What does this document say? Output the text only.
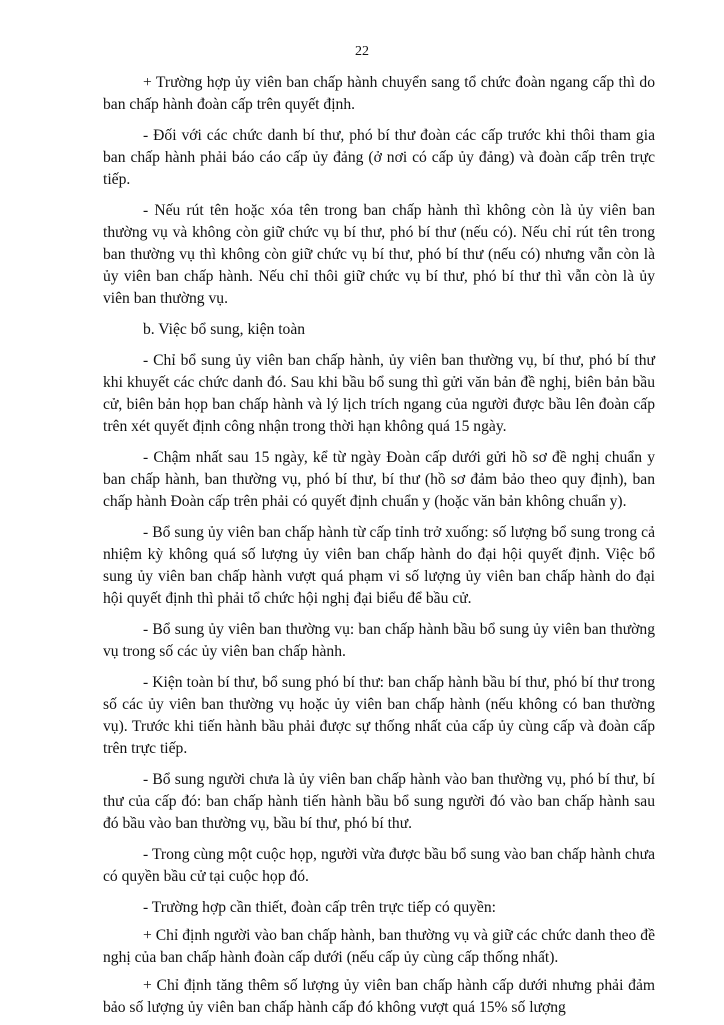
22

+ Trường hợp ủy viên ban chấp hành chuyển sang tổ chức đoàn ngang cấp thì do ban chấp hành đoàn cấp trên quyết định.

- Đối với các chức danh bí thư, phó bí thư đoàn các cấp trước khi thôi tham gia ban chấp hành phải báo cáo cấp ủy đảng (ở nơi có cấp ủy đảng) và đoàn cấp trên trực tiếp.

- Nếu rút tên hoặc xóa tên trong ban chấp hành thì không còn là ủy viên ban thường vụ và không còn giữ chức vụ bí thư, phó bí thư (nếu có). Nếu chỉ rút tên trong ban thường vụ thì không còn giữ chức vụ bí thư, phó bí thư (nếu có) nhưng vẫn còn là ủy viên ban chấp hành. Nếu chỉ thôi giữ chức vụ bí thư, phó bí thư thì vẫn còn là ủy viên ban thường vụ.

b. Việc bổ sung, kiện toàn

- Chỉ bổ sung ủy viên ban chấp hành, ủy viên ban thường vụ, bí thư, phó bí thư khi khuyết các chức danh đó. Sau khi bầu bổ sung thì gửi văn bản đề nghị, biên bản bầu cử, biên bản họp ban chấp hành và lý lịch trích ngang của người được bầu lên đoàn cấp trên xét quyết định công nhận trong thời hạn không quá 15 ngày.

- Chậm nhất sau 15 ngày, kể từ ngày Đoàn cấp dưới gửi hồ sơ đề nghị chuẩn y ban chấp hành, ban thường vụ, phó bí thư, bí thư (hồ sơ đảm bảo theo quy định), ban chấp hành Đoàn cấp trên phải có quyết định chuẩn y (hoặc văn bản không chuẩn y).

- Bổ sung ủy viên ban chấp hành từ cấp tỉnh trở xuống: số lượng bổ sung trong cả nhiệm kỳ không quá số lượng ủy viên ban chấp hành do đại hội quyết định. Việc bổ sung ủy viên ban chấp hành vượt quá phạm vi số lượng ủy viên ban chấp hành do đại hội quyết định thì phải tổ chức hội nghị đại biểu để bầu cử.

- Bổ sung ủy viên ban thường vụ: ban chấp hành bầu bổ sung ủy viên ban thường vụ trong số các ủy viên ban chấp hành.

- Kiện toàn bí thư, bổ sung phó bí thư: ban chấp hành bầu bí thư, phó bí thư trong số các ủy viên ban thường vụ hoặc ủy viên ban chấp hành (nếu không có ban thường vụ). Trước khi tiến hành bầu phải được sự thống nhất của cấp ủy cùng cấp và đoàn cấp trên trực tiếp.

- Bổ sung người chưa là ủy viên ban chấp hành vào ban thường vụ, phó bí thư, bí thư của cấp đó: ban chấp hành tiến hành bầu bổ sung người đó vào ban chấp hành sau đó bầu vào ban thường vụ, bầu bí thư, phó bí thư.

- Trong cùng một cuộc họp, người vừa được bầu bổ sung vào ban chấp hành chưa có quyền bầu cử tại cuộc họp đó.

- Trường hợp cần thiết, đoàn cấp trên trực tiếp có quyền:

+ Chỉ định người vào ban chấp hành, ban thường vụ và giữ các chức danh theo đề nghị của ban chấp hành đoàn cấp dưới (nếu cấp ủy cùng cấp thống nhất).

+ Chỉ định tăng thêm số lượng ủy viên ban chấp hành cấp dưới nhưng phải đảm bảo số lượng ủy viên ban chấp hành cấp đó không vượt quá 15% số lượng
